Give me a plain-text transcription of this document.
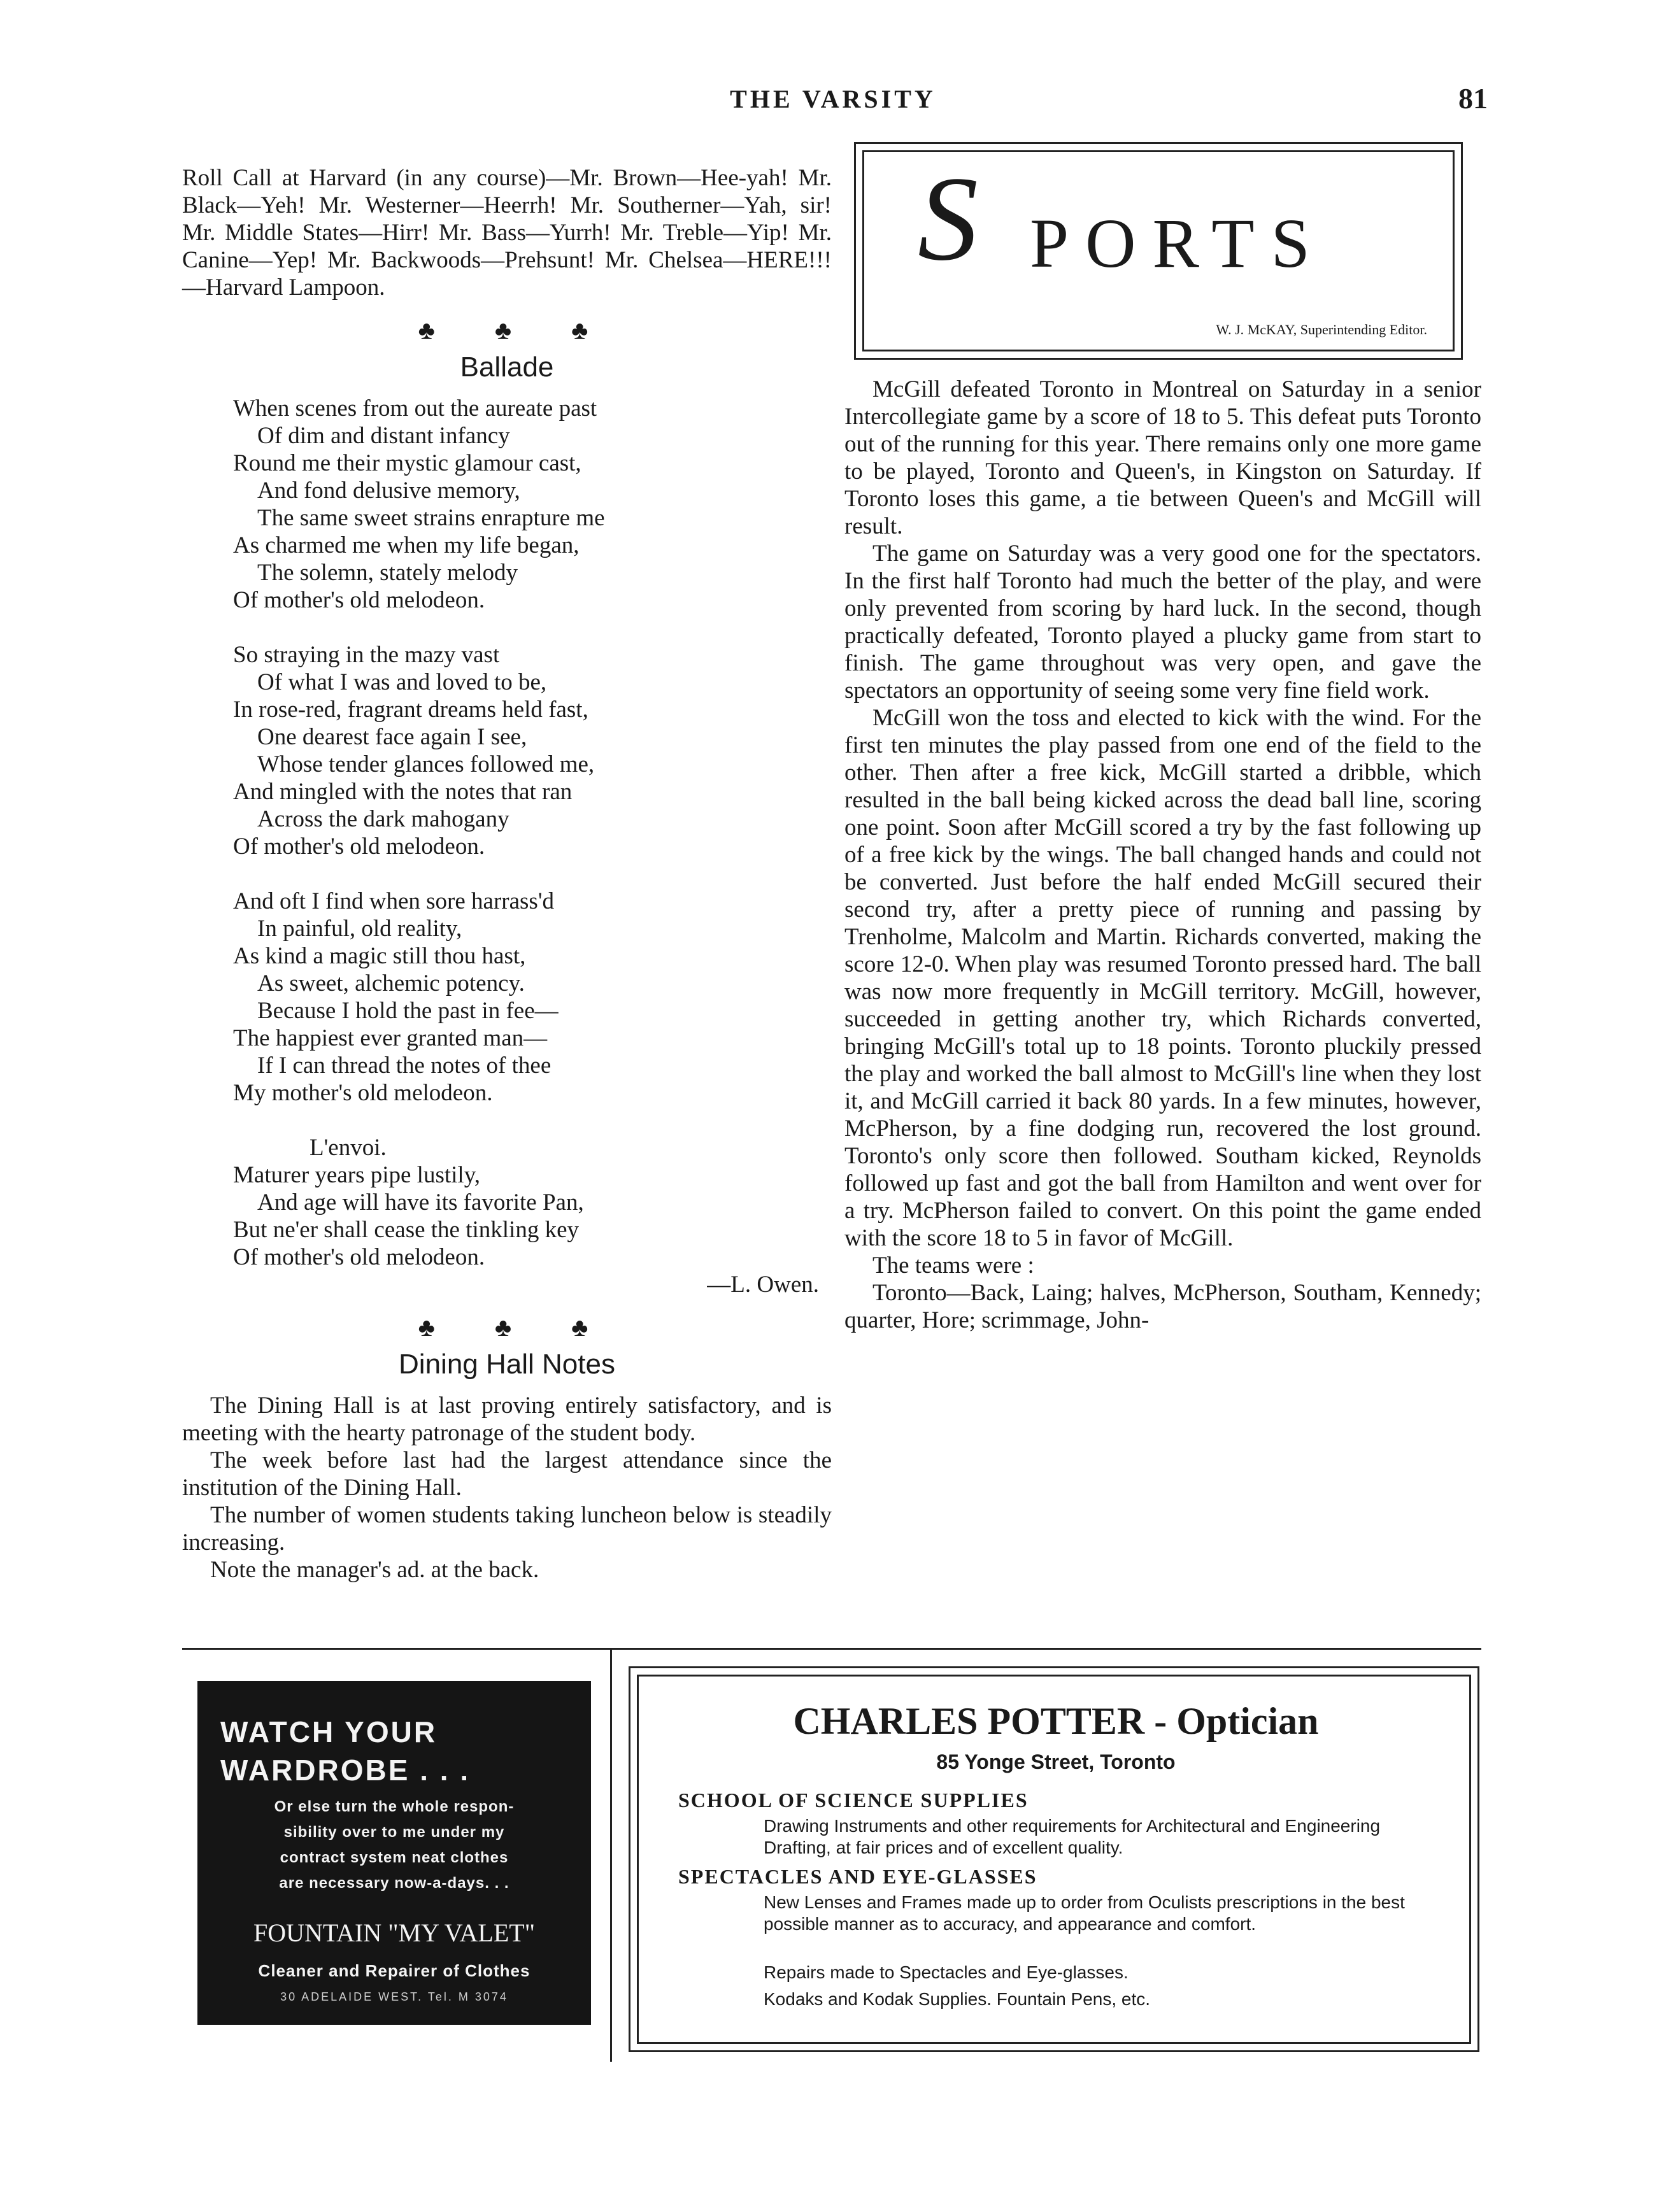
THE VARSITY	81

Roll Call at Harvard (in any course)—Mr. Brown—Hee-yah! Mr. Black—Yeh! Mr. Westerner—Heerrh! Mr. Southerner—Yah, sir! Mr. Middle States—Hirr! Mr. Bass—Yurrh! Mr. Treble—Yip! Mr. Canine—Yep! Mr. Backwoods—Prehsunt! Mr. Chelsea—HERE!!!—Harvard Lampoon.

♣ ♣ ♣
Ballade
When scenes from out the aureate past
Of dim and distant infancy
Round me their mystic glamour cast,
And fond delusive memory,
The same sweet strains enrapture me
As charmed me when my life began,
The solemn, stately melody
Of mother's old melodeon.
So straying in the mazy vast
Of what I was and loved to be,
In rose-red, fragrant dreams held fast,
One dearest face again I see,
Whose tender glances followed me,
And mingled with the notes that ran
Across the dark mahogany
Of mother's old melodeon.
And oft I find when sore harrass'd
In painful, old reality,
As kind a magic still thou hast,
As sweet, alchemic potency.
Because I hold the past in fee—
The happiest ever granted man—
If I can thread the notes of thee
My mother's old melodeon.
L'envoi.
Maturer years pipe lustily,
And age will have its favorite Pan,
But ne'er shall cease the tinkling key
Of mother's old melodeon.
—L. Owen.
♣ ♣ ♣
Dining Hall Notes

The Dining Hall is at last proving entirely satisfactory, and is meeting with the hearty patronage of the student body.

The week before last had the largest attendance since the institution of the Dining Hall.

The number of women students taking luncheon below is steadily increasing.

Note the manager's ad. at the back.

S PORTS
W. J. McKAY, Superintending Editor.

McGill defeated Toronto in Montreal on Saturday in a senior Intercollegiate game by a score of 18 to 5. This defeat puts Toronto out of the running for this year. There remains only one more game to be played, Toronto and Queen's, in Kingston on Saturday. If Toronto loses this game, a tie between Queen's and McGill will result.

The game on Saturday was a very good one for the spectators. In the first half Toronto had much the better of the play, and were only prevented from scoring by hard luck. In the second, though practically defeated, Toronto played a plucky game from start to finish. The game throughout was very open, and gave the spectators an opportunity of seeing some very fine field work.

McGill won the toss and elected to kick with the wind. For the first ten minutes the play passed from one end of the field to the other. Then after a free kick, McGill started a dribble, which resulted in the ball being kicked across the dead ball line, scoring one point. Soon after McGill scored a try by the fast following up of a free kick by the wings. The ball changed hands and could not be converted. Just before the half ended McGill secured their second try, after a pretty piece of running and passing by Trenholme, Malcolm and Martin. Richards converted, making the score 12-0. When play was resumed Toronto pressed hard. The ball was now more frequently in McGill territory. McGill, however, succeeded in getting another try, which Richards converted, bringing McGill's total up to 18 points. Toronto pluckily pressed the play and worked the ball almost to McGill's line when they lost it, and McGill carried it back 80 yards. In a few minutes, however, McPherson, by a fine dodging run, recovered the lost ground. Toronto's only score then followed. Southam kicked, Reynolds followed up fast and got the ball from Hamilton and went over for a try. McPherson failed to convert. On this point the game ended with the score 18 to 5 in favor of McGill.

The teams were :

Toronto—Back, Laing; halves, McPherson, Southam, Kennedy; quarter, Hore; scrimmage, John-

WATCH YOUR
WARDROBE . . .
Or else turn the whole respon-
sibility over to me under my
contract system neat clothes
are necessary now-a-days. . .
FOUNTAIN "MY VALET"
Cleaner and Repairer of Clothes
30 ADELAIDE WEST. Tel. M 3074
CHARLES POTTER - Optician
85 Yonge Street, Toronto
SCHOOL OF SCIENCE SUPPLIES
Drawing Instruments and other requirements for Architectural and Engineering Drafting, at fair prices and of excellent quality.
SPECTACLES AND EYE-GLASSES
New Lenses and Frames made up to order from Oculists prescriptions in the best possible manner as to accuracy, and appearance and comfort.
Repairs made to Spectacles and Eye-glasses.
Kodaks and Kodak Supplies. Fountain Pens, etc.
